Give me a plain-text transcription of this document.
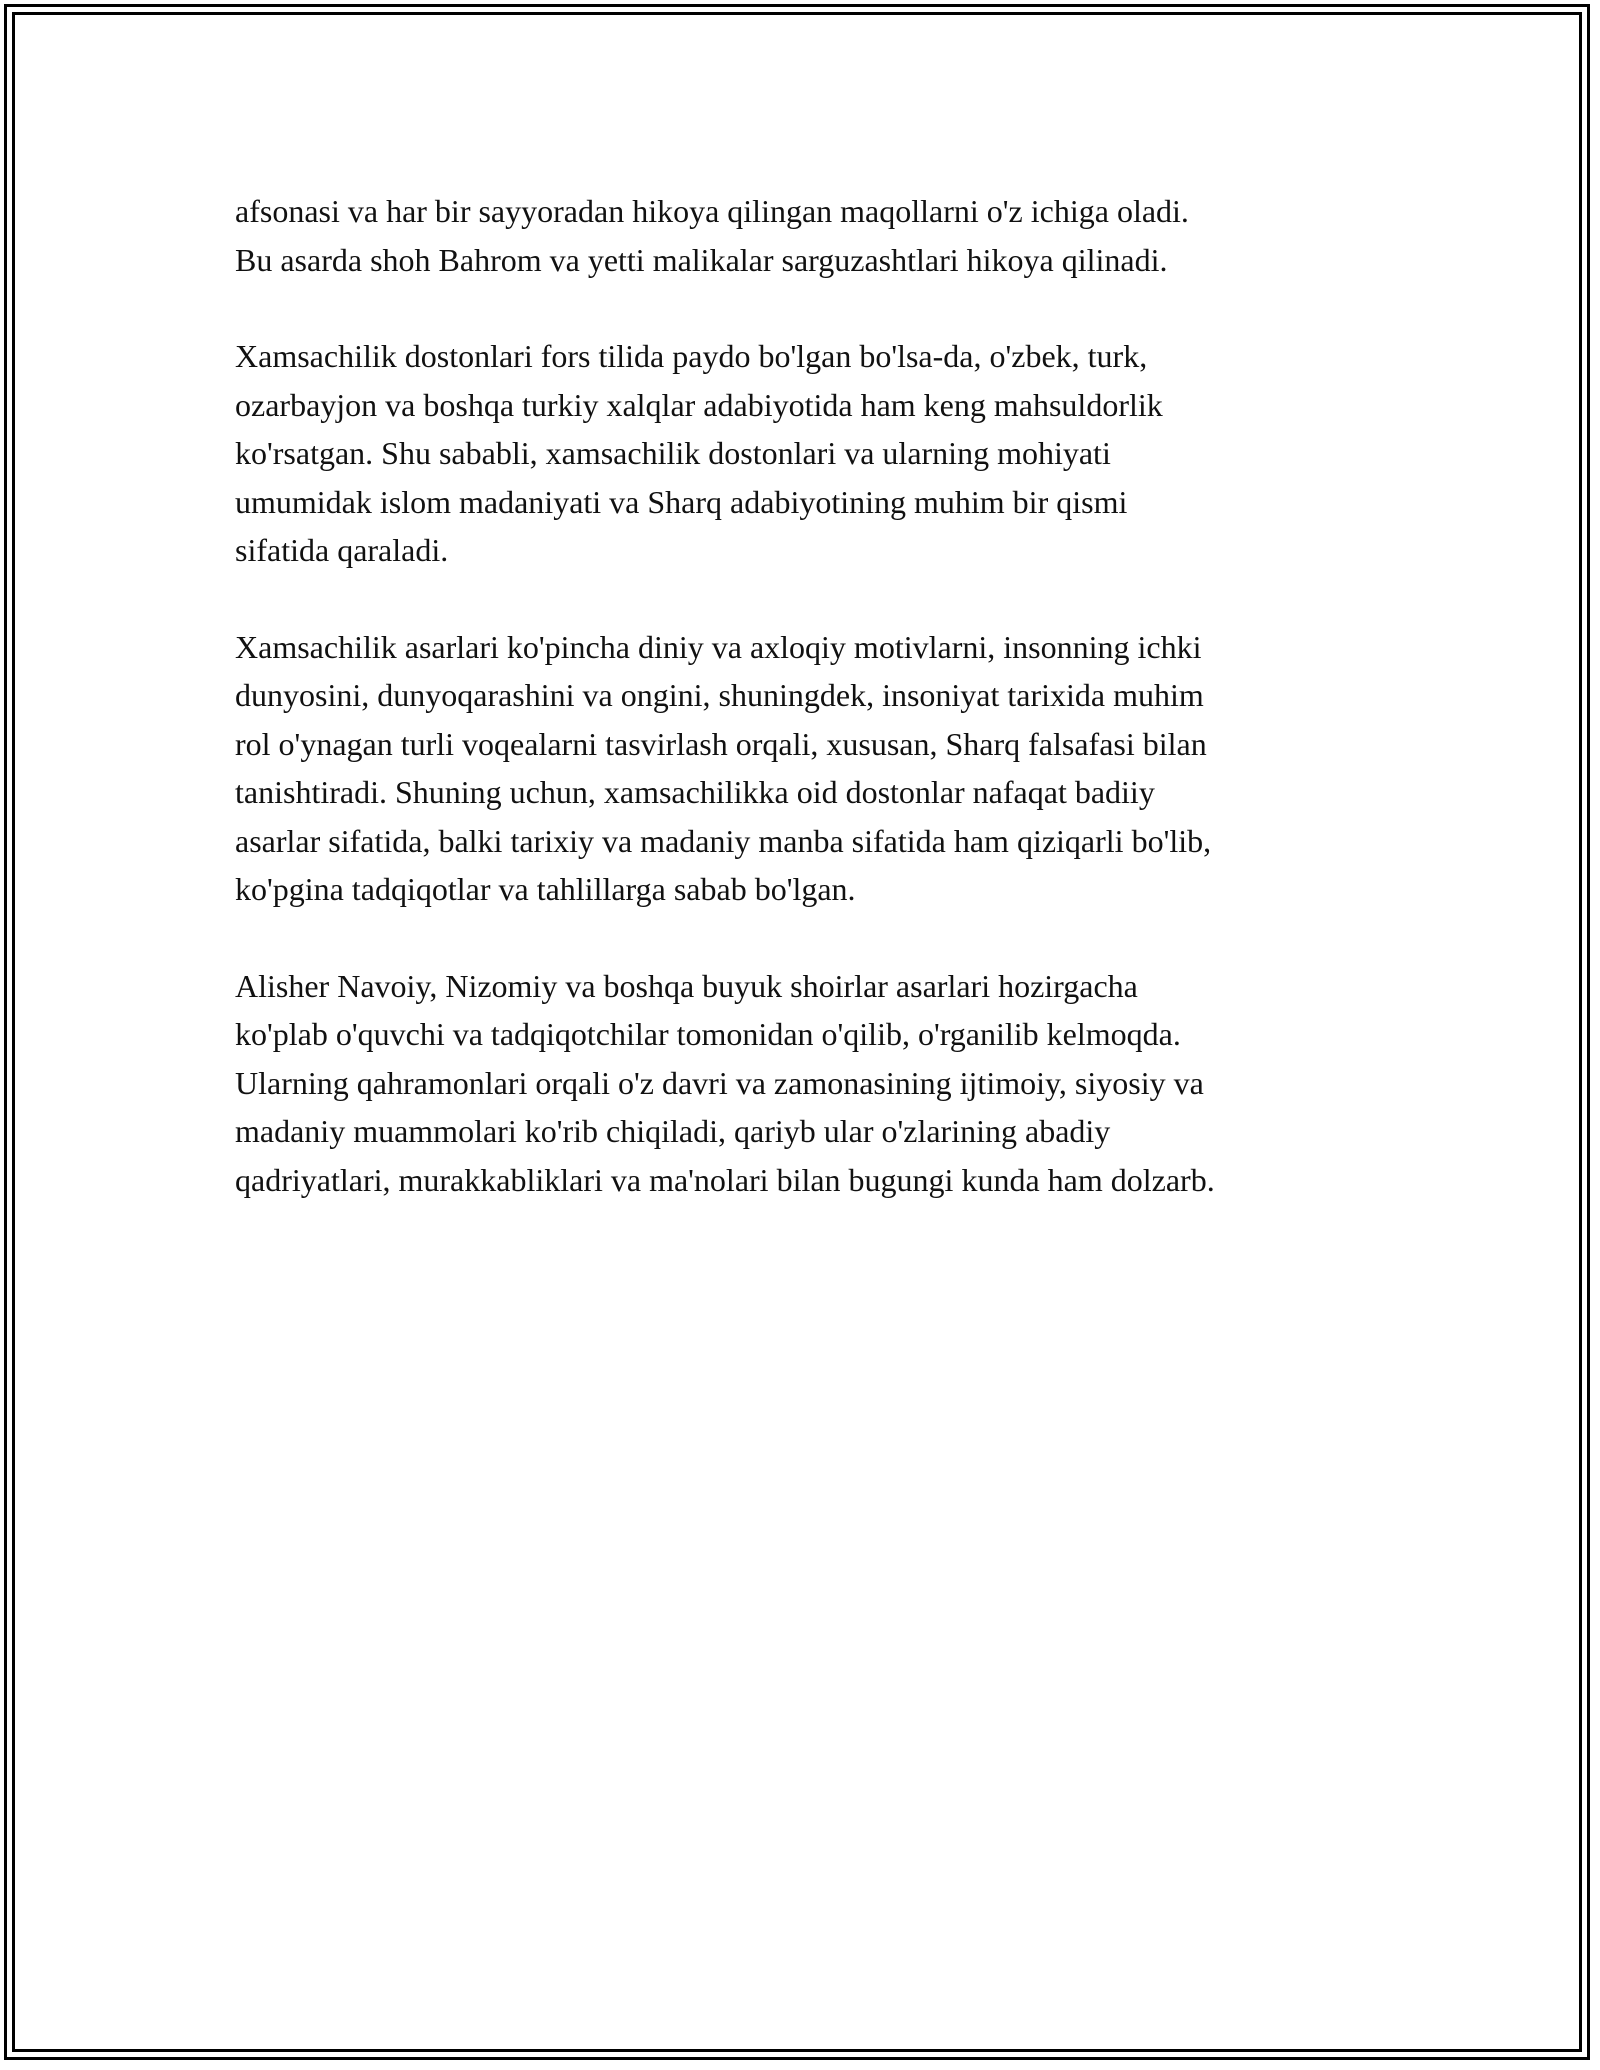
afsonasi va har bir sayyoradan hikoya qilingan maqollarni o'z ichiga oladi.
Bu asarda shoh Bahrom va yetti malikalar sarguzashtlari hikoya qilinadi.

Xamsachilik dostonlari fors tilida paydo bo'lgan bo'lsa-da, o'zbek, turk,
ozarbayjon va boshqa turkiy xalqlar adabiyotida ham keng mahsuldorlik
ko'rsatgan. Shu sababli, xamsachilik dostonlari va ularning mohiyati
umumidak islom madaniyati va Sharq adabiyotining muhim bir qismi
sifatida qaraladi.

Xamsachilik asarlari ko'pincha diniy va axloqiy motivlarni, insonning ichki
dunyosini, dunyoqarashini va ongini, shuningdek, insoniyat tarixida muhim
rol o'ynagan turli voqealarni tasvirlash orqali, xususan, Sharq falsafasi bilan
tanishtiradi. Shuning uchun, xamsachilikka oid dostonlar nafaqat badiiy
asarlar sifatida, balki tarixiy va madaniy manba sifatida ham qiziqarli bo'lib,
ko'pgina tadqiqotlar va tahlillarga sabab bo'lgan.

Alisher Navoiy, Nizomiy va boshqa buyuk shoirlar asarlari hozirgacha
ko'plab o'quvchi va tadqiqotchilar tomonidan o'qilib, o'rganilib kelmoqda.
Ularning qahramonlari orqali o'z davri va zamonasining ijtimoiy, siyosiy va
madaniy muammolari ko'rib chiqiladi, qariyb ular o'zlarining abadiy
qadriyatlari, murakkabliklari va ma'nolari bilan bugungi kunda ham dolzarb.
